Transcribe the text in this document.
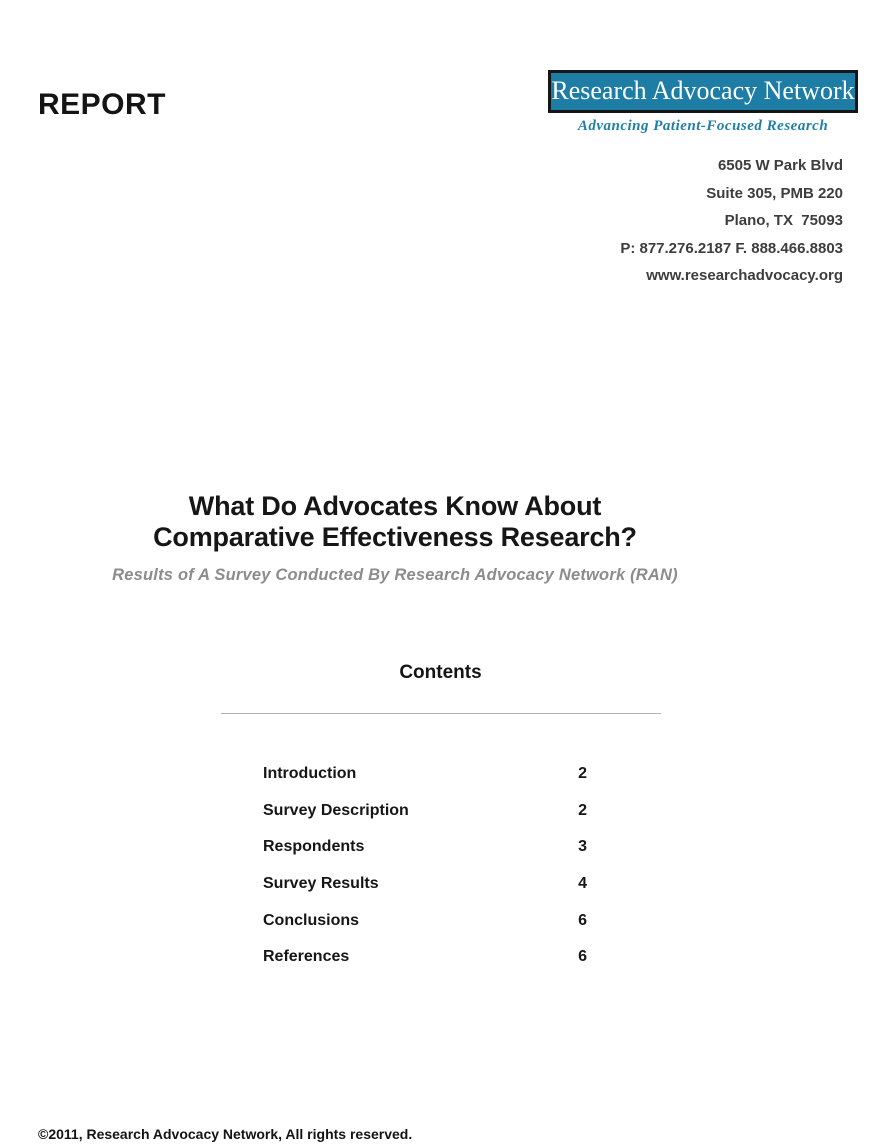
REPORT	Research Advocacy Network
Advancing Patient-Focused Research
6505 W Park Blvd
Suite 305, PMB 220
Plano, TX  75093
P: 877.276.2187 F. 888.466.8803
www.researchadvocacy.org
What Do Advocates Know About
Comparative Effectiveness Research?
Results of A Survey Conducted By Research Advocacy Network (RAN)
Contents
Introduction	2
Survey Description	2
Respondents	3
Survey Results	4
Conclusions	6
References	6
©2011, Research Advocacy Network, All rights reserved.
